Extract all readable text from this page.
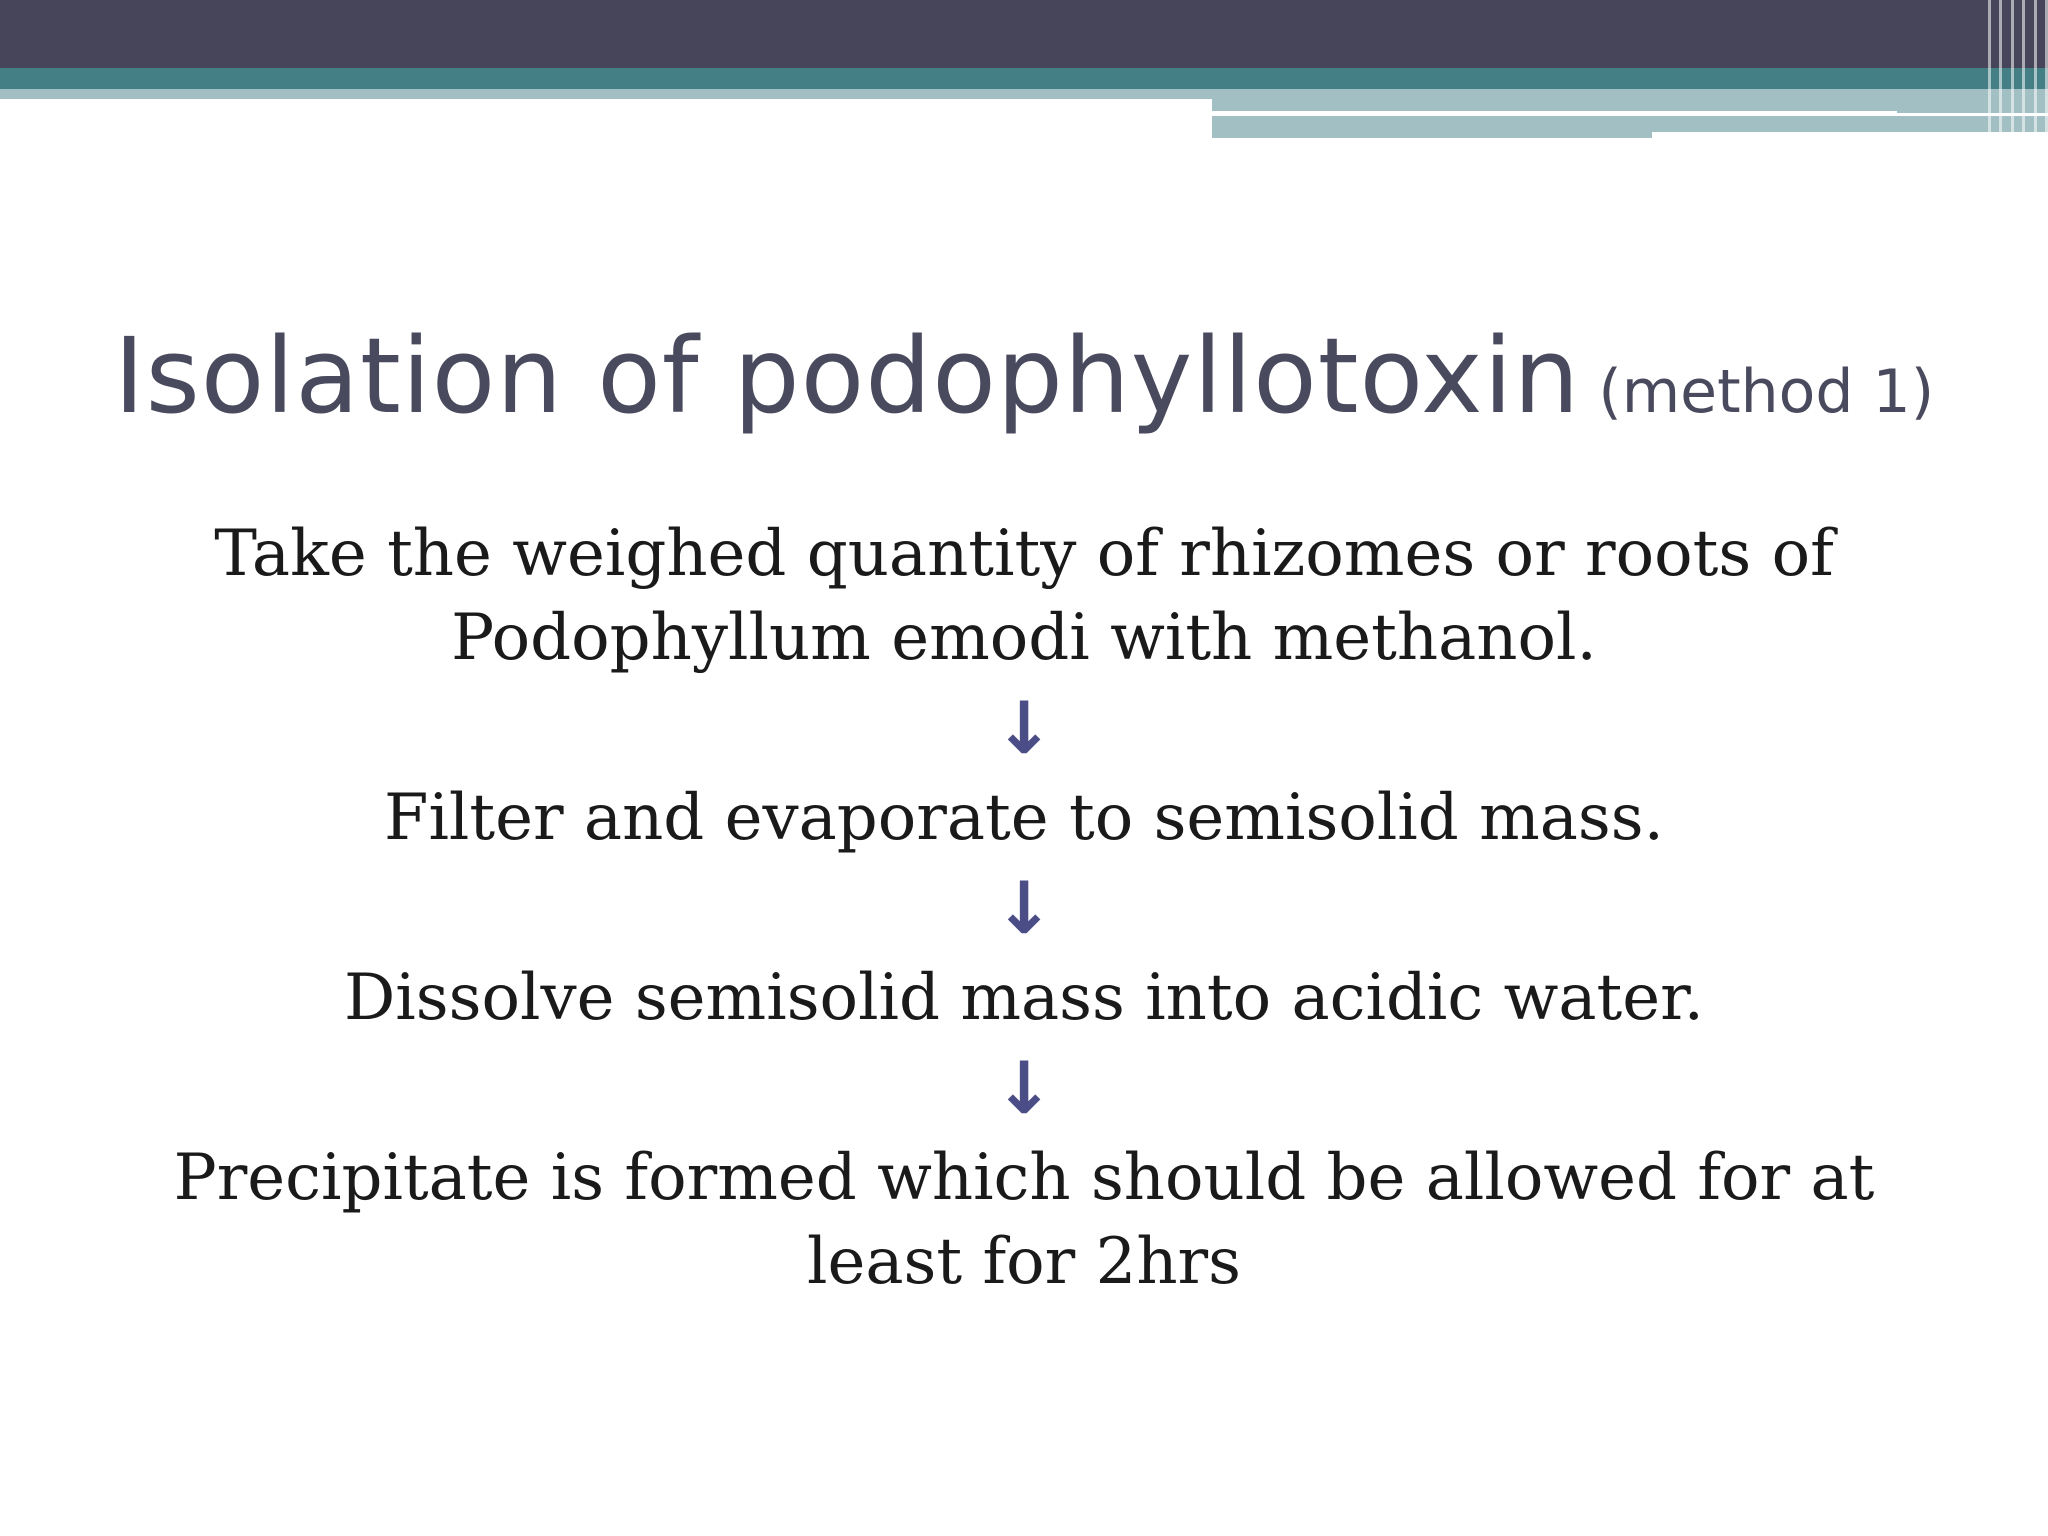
Isolation of podophyllotoxin (method 1)

Take the weighed quantity of rhizomes or roots of Podophyllum emodi with methanol.

↓

Filter and evaporate to semisolid mass.

↓

Dissolve semisolid mass into acidic water.

↓

Precipitate is formed which should be allowed for at least for 2hrs
